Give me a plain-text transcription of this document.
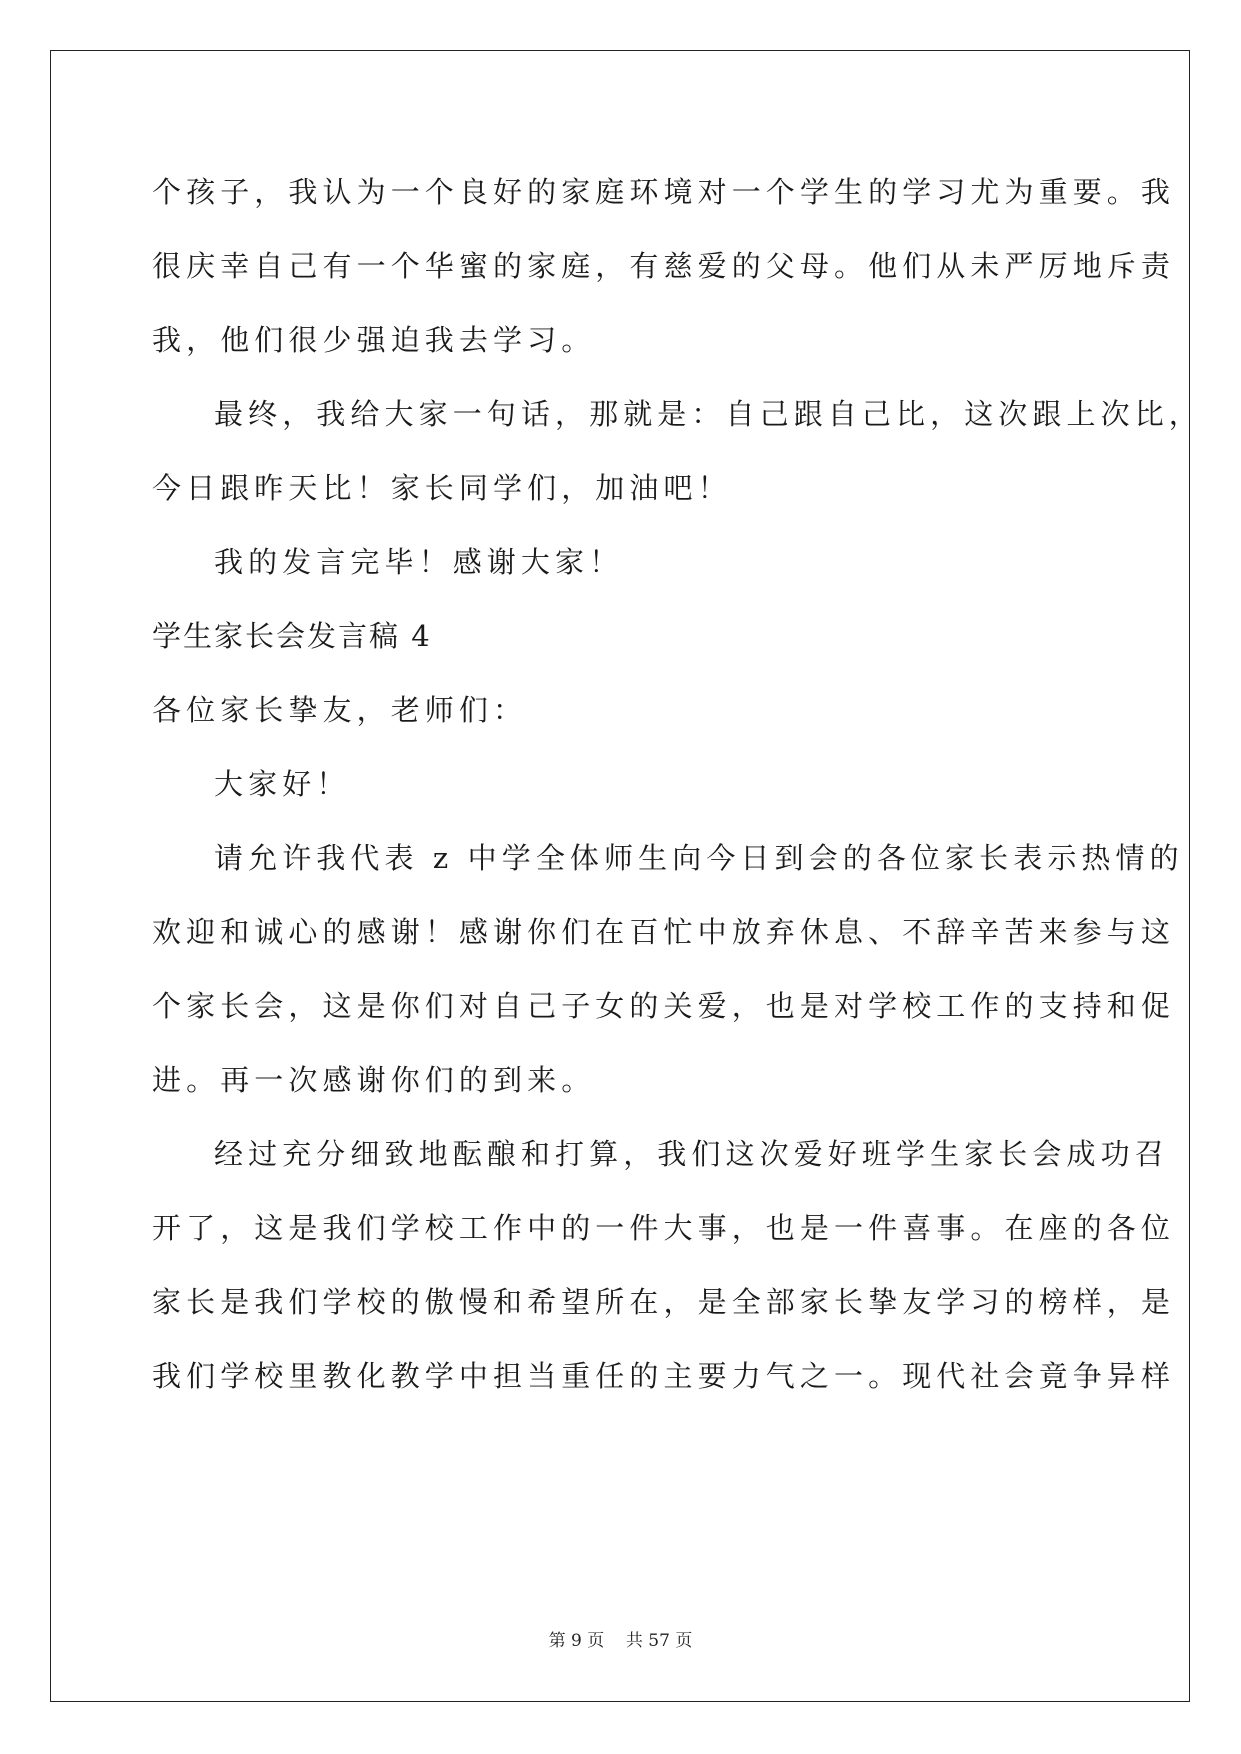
个孩子，我认为一个良好的家庭环境对一个学生的学习尤为重要。我
很庆幸自己有一个华蜜的家庭，有慈爱的父母。他们从未严厉地斥责
我，他们很少强迫我去学习。
最终，我给大家一句话，那就是：自己跟自己比，这次跟上次比，
今日跟昨天比！家长同学们，加油吧！
我的发言完毕！感谢大家！
学生家长会发言稿 4
各位家长挚友，老师们：
大家好！
请允许我代表 z 中学全体师生向今日到会的各位家长表示热情的
欢迎和诚心的感谢！感谢你们在百忙中放弃休息、不辞辛苦来参与这
个家长会，这是你们对自己子女的关爱，也是对学校工作的支持和促
进。再一次感谢你们的到来。
经过充分细致地酝酿和打算，我们这次爱好班学生家长会成功召
开了，这是我们学校工作中的一件大事，也是一件喜事。在座的各位
家长是我们学校的傲慢和希望所在，是全部家长挚友学习的榜样，是
我们学校里教化教学中担当重任的主要力气之一。现代社会竟争异样
第 9 页 共 57 页
